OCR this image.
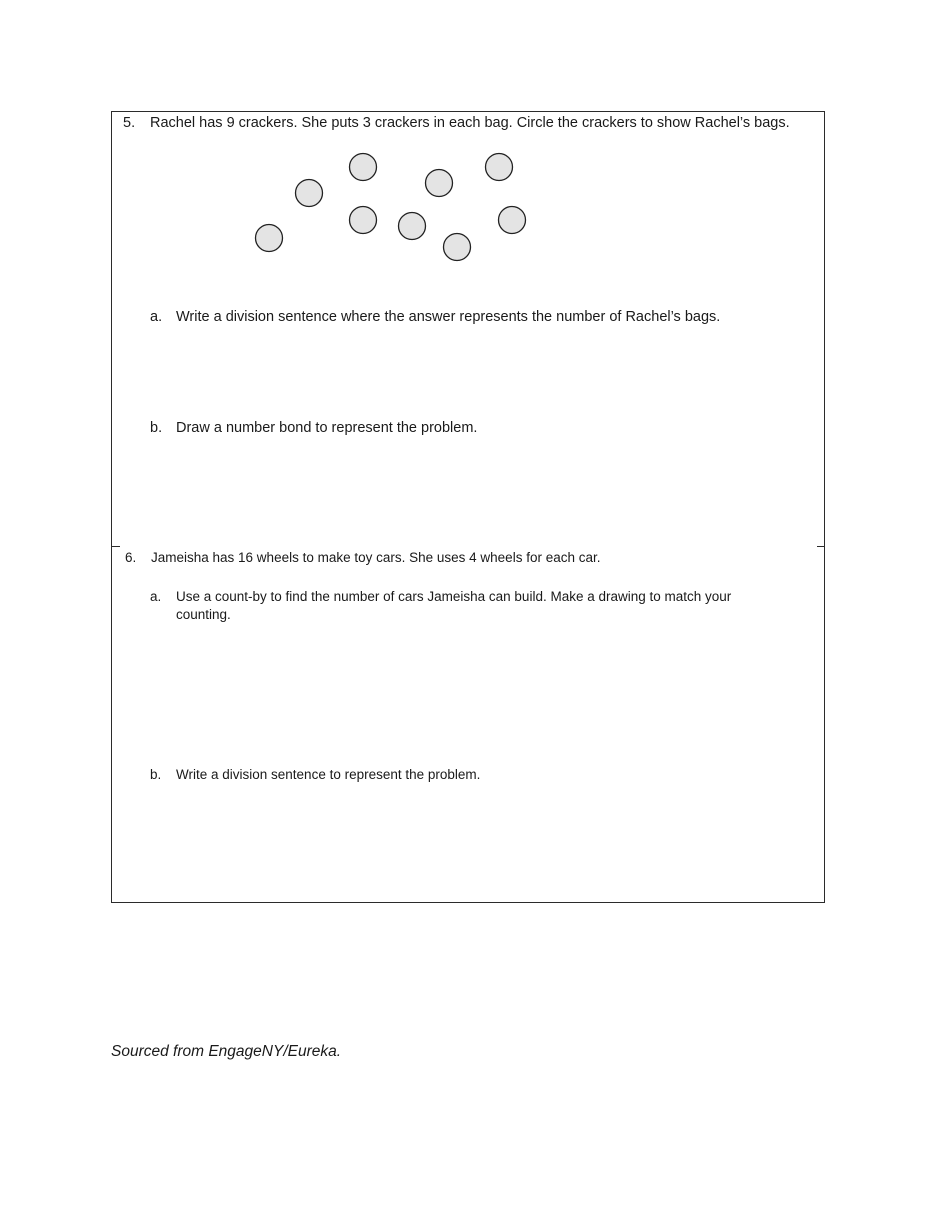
5. Rachel has 9 crackers. She puts 3 crackers in each bag. Circle the crackers to show Rachel’s bags.
a. Write a division sentence where the answer represents the number of Rachel’s bags.
b. Draw a number bond to represent the problem.
6. Jameisha has 16 wheels to make toy cars. She uses 4 wheels for each car.
a. Use a count-by to find the number of cars Jameisha can build. Make a drawing to match your
counting.
b. Write a division sentence to represent the problem.
Sourced from EngageNY/Eureka.
